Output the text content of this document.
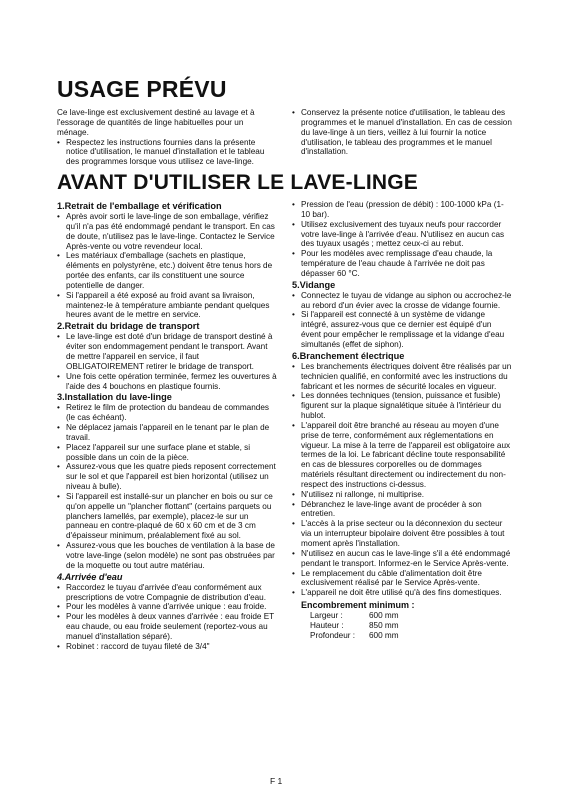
USAGE PRÉVU

Ce lave-linge est exclusivement destiné au lavage et à l'essorage de quantités de linge habituelles pour un ménage.

• Respectez les instructions fournies dans la présente notice d'utilisation, le manuel d'installation et le tableau des programmes lorsque vous utilisez ce lave-linge.
• Conservez la présente notice d'utilisation, le tableau des programmes et le manuel d'installation. En cas de cession du lave-linge à un tiers, veillez à lui fournir la notice d'utilisation, le tableau des programmes et le manuel d'installation.
AVANT D'UTILISER LE LAVE-LINGE
1.Retrait de l'emballage et vérification
• Après avoir sorti le lave-linge de son emballage, vérifiez qu'il n'a pas été endommagé pendant le transport. En cas de doute, n'utilisez pas le lave-linge. Contactez le Service Après-vente ou votre revendeur local.
• Les matériaux d'emballage (sachets en plastique, éléments en polystyrène, etc.) doivent être tenus hors de portée des enfants, car ils constituent une source potentielle de danger.
• Si l'appareil a été exposé au froid avant sa livraison, maintenez-le à température ambiante pendant quelques heures avant de le mettre en service.
2.Retrait du bridage de transport
• Le lave-linge est doté d'un bridage de transport destiné à éviter son endommagement pendant le transport. Avant de mettre l'appareil en service, il faut OBLIGATOIREMENT retirer le bridage de transport.
• Une fois cette opération terminée, fermez les ouvertures à l'aide des 4 bouchons en plastique fournis.
3.Installation du lave-linge
• Retirez le film de protection du bandeau de commandes (le cas échéant).
• Ne déplacez jamais l'appareil en le tenant par le plan de travail.
• Placez l'appareil sur une surface plane et stable, si possible dans un coin de la pièce.
• Assurez-vous que les quatre pieds reposent correctement sur le sol et que l'appareil est bien horizontal (utilisez un niveau à bulle).
• Si l'appareil est installé-sur un plancher en bois ou sur ce qu'on appelle un "plancher flottant" (certains parquets ou planchers lamellés, par exemple), placez-le sur un panneau en contre-plaqué de 60 x 60 cm et de 3 cm d'épaisseur minimum, préalablement fixé au sol.
• Assurez-vous que les bouches de ventilation à la base de votre lave-linge (selon modèle) ne sont pas obstruées par de la moquette ou tout autre matériau.
4.Arrivée d'eau
• Raccordez le tuyau d'arrivée d'eau conformément aux prescriptions de votre Compagnie de distribution d'eau.
• Pour les modèles à vanne d'arrivée unique : eau froide.
• Pour les modèles à deux vannes d'arrivée : eau froide ET eau chaude, ou eau froide seulement (reportez-vous au manuel d'installation séparé).
• Robinet : raccord de tuyau fileté de 3/4"
• Pression de l'eau (pression de débit) : 100-1000 kPa (1-10 bar).
• Utilisez exclusivement des tuyaux neufs pour raccorder votre lave-linge à l'arrivée d'eau. N'utilisez en aucun cas des tuyaux usagés ; mettez ceux-ci au rebut.
• Pour les modèles avec remplissage d'eau chaude, la température de l'eau chaude à l'arrivée ne doit pas dépasser 60 °C.
5.Vidange
• Connectez le tuyau de vidange au siphon ou accrochez-le au rebord d'un évier avec la crosse de vidange fournie.
• Si l'appareil est connecté à un système de vidange intégré, assurez-vous que ce dernier est équipé d'un évent pour empêcher le remplissage et la vidange d'eau simultanés (effet de siphon).
6.Branchement électrique
• Les branchements électriques doivent être réalisés par un technicien qualifié, en conformité avec les instructions du fabricant et les normes de sécurité locales en vigueur.
• Les données techniques (tension, puissance et fusible) figurent sur la plaque signalétique située à l'intérieur du hublot.
• L'appareil doit être branché au réseau au moyen d'une prise de terre, conformément aux réglementations en vigueur. La mise à la terre de l'appareil est obligatoire aux termes de la loi. Le fabricant décline toute responsabilité en cas de blessures corporelles ou de dommages matériels résultant directement ou indirectement du non-respect des instructions ci-dessus.
• N'utilisez ni rallonge, ni multiprise.
• Débranchez le lave-linge avant de procéder à son entretien.
• L'accès à la prise secteur ou la déconnexion du secteur via un interrupteur bipolaire doivent être possibles à tout moment après l'installation.
• N'utilisez en aucun cas le lave-linge s'il a été endommagé pendant le transport. Informez-en le Service Après-vente.
• Le remplacement du câble d'alimentation doit être exclusivement réalisé par le Service Après-vente.
• L'appareil ne doit être utilisé qu'à des fins domestiques.
Encombrement minimum :
Largeur :	600 mm
Hauteur :	850 mm
Profondeur :	600 mm
F 1
